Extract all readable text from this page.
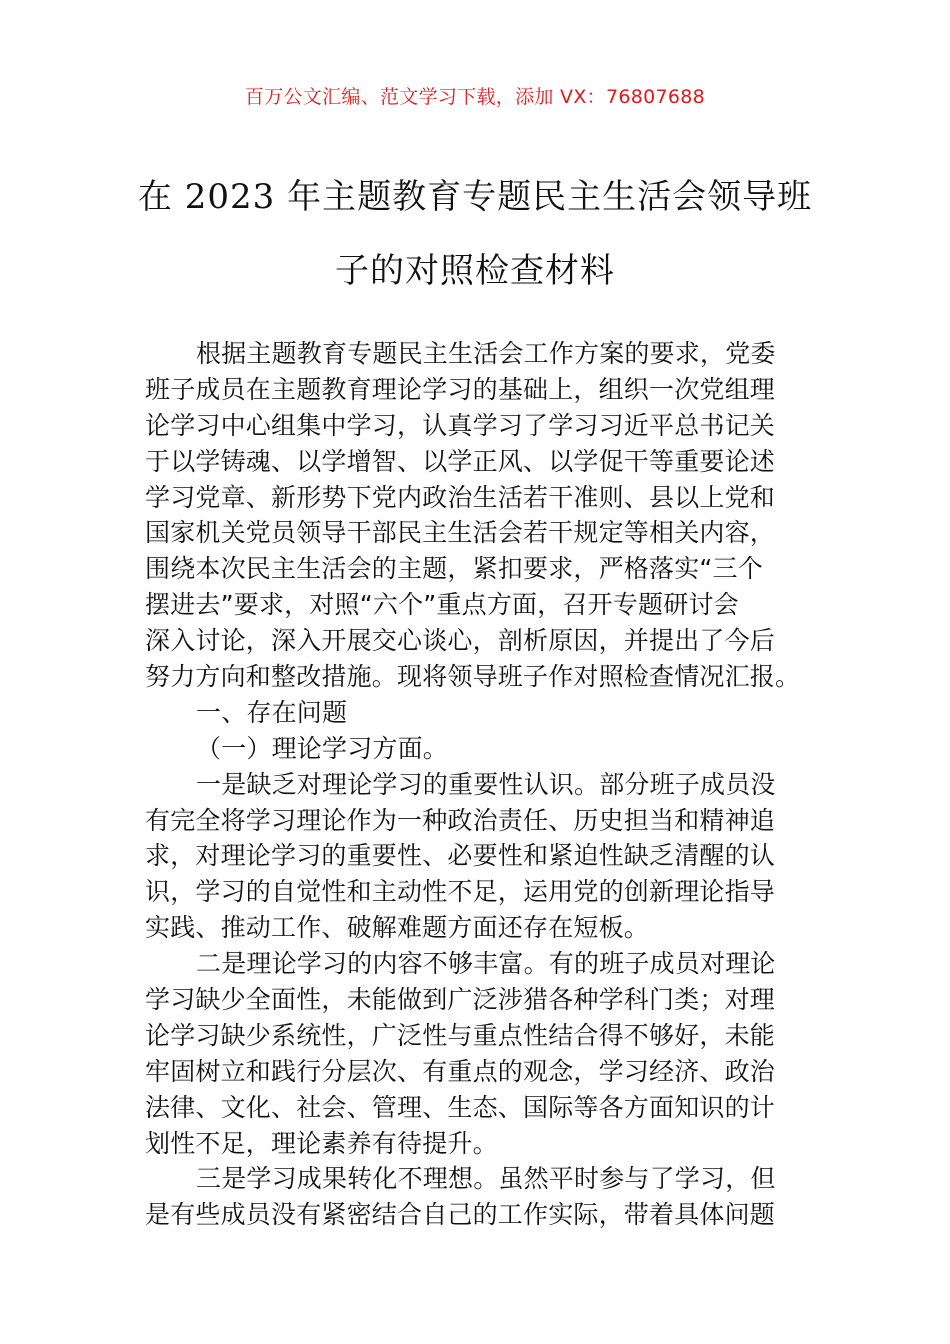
百万公文汇编、范文学习下载，添加 VX：76807688
在 2023 年主题教育专题民主生活会领导班
子的对照检查材料
根据主题教育专题民主生活会工作方案的要求，党委
班子成员在主题教育理论学习的基础上，组织一次党组理
论学习中心组集中学习，认真学习了学习习近平总书记关
于以学铸魂、以学增智、以学正风、以学促干等重要论述
学习党章、新形势下党内政治生活若干准则、县以上党和
国家机关党员领导干部民主生活会若干规定等相关内容，
围绕本次民主生活会的主题，紧扣要求，严格落实“三个
摆进去”要求，对照“六个”重点方面，召开专题研讨会
深入讨论，深入开展交心谈心，剖析原因，并提出了今后
努力方向和整改措施。现将领导班子作对照检查情况汇报。
一、存在问题
（一）理论学习方面。
一是缺乏对理论学习的重要性认识。部分班子成员没
有完全将学习理论作为一种政治责任、历史担当和精神追
求，对理论学习的重要性、必要性和紧迫性缺乏清醒的认
识，学习的自觉性和主动性不足，运用党的创新理论指导
实践、推动工作、破解难题方面还存在短板。
二是理论学习的内容不够丰富。有的班子成员对理论
学习缺少全面性，未能做到广泛涉猎各种学科门类；对理
论学习缺少系统性，广泛性与重点性结合得不够好，未能
牢固树立和践行分层次、有重点的观念，学习经济、政治
法律、文化、社会、管理、生态、国际等各方面知识的计
划性不足，理论素养有待提升。
三是学习成果转化不理想。虽然平时参与了学习，但
是有些成员没有紧密结合自己的工作实际，带着具体问题
